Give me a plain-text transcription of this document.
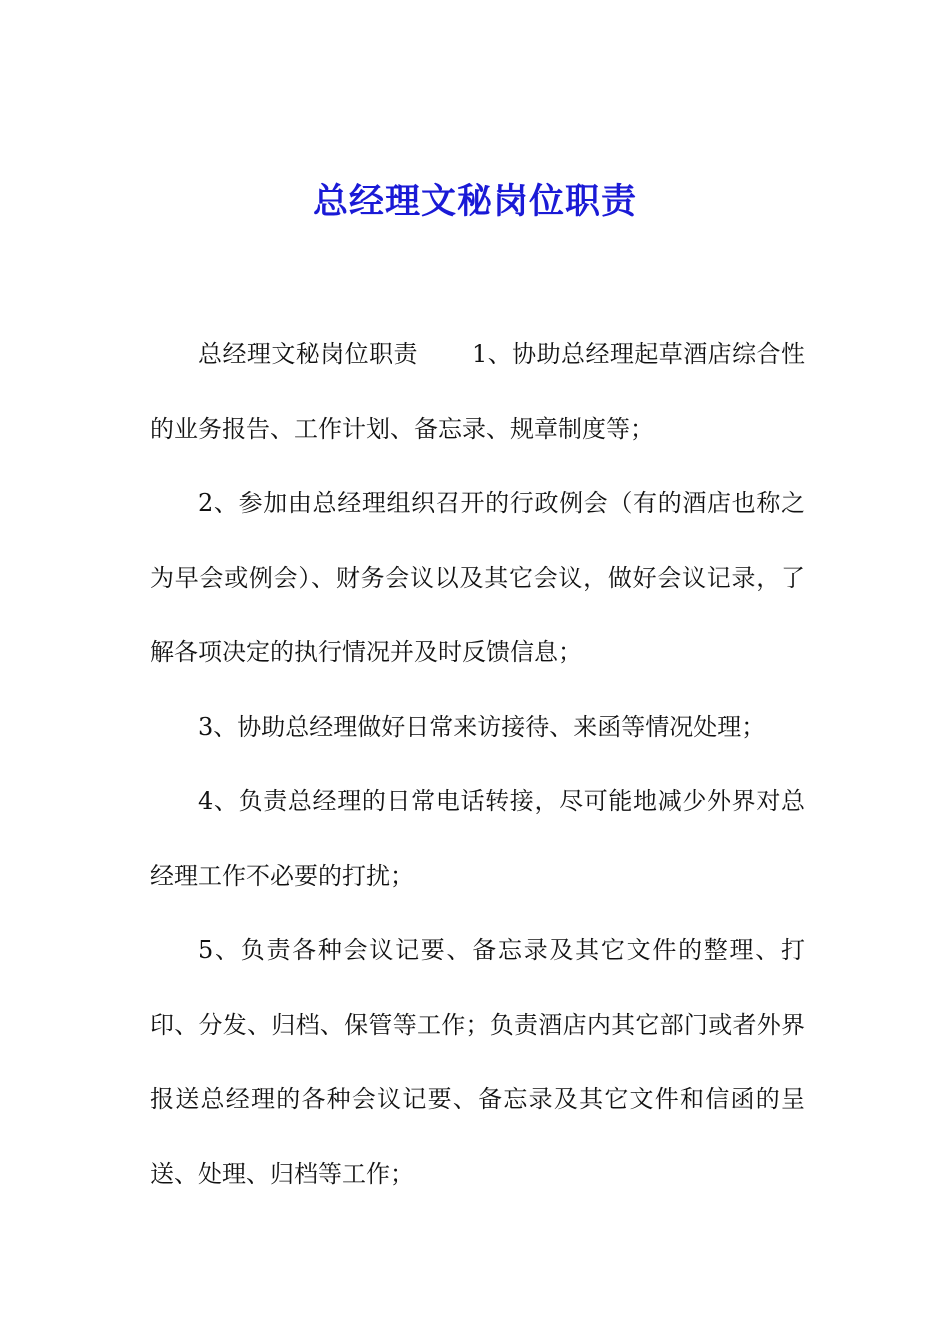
总经理文秘岗位职责

总经理文秘岗位职责 1、协助总经理起草酒店综合性的业务报告、工作计划、备忘录、规章制度等；

2、参加由总经理组织召开的行政例会（有的酒店也称之为早会或例会）、财务会议以及其它会议，做好会议记录，了解各项决定的执行情况并及时反馈信息；

3、协助总经理做好日常来访接待、来函等情况处理；

4、负责总经理的日常电话转接，尽可能地减少外界对总经理工作不必要的打扰；

5、负责各种会议记要、备忘录及其它文件的整理、打印、分发、归档、保管等工作；负责酒店内其它部门或者外界报送总经理的各种会议记要、备忘录及其它文件和信函的呈送、处理、归档等工作；
